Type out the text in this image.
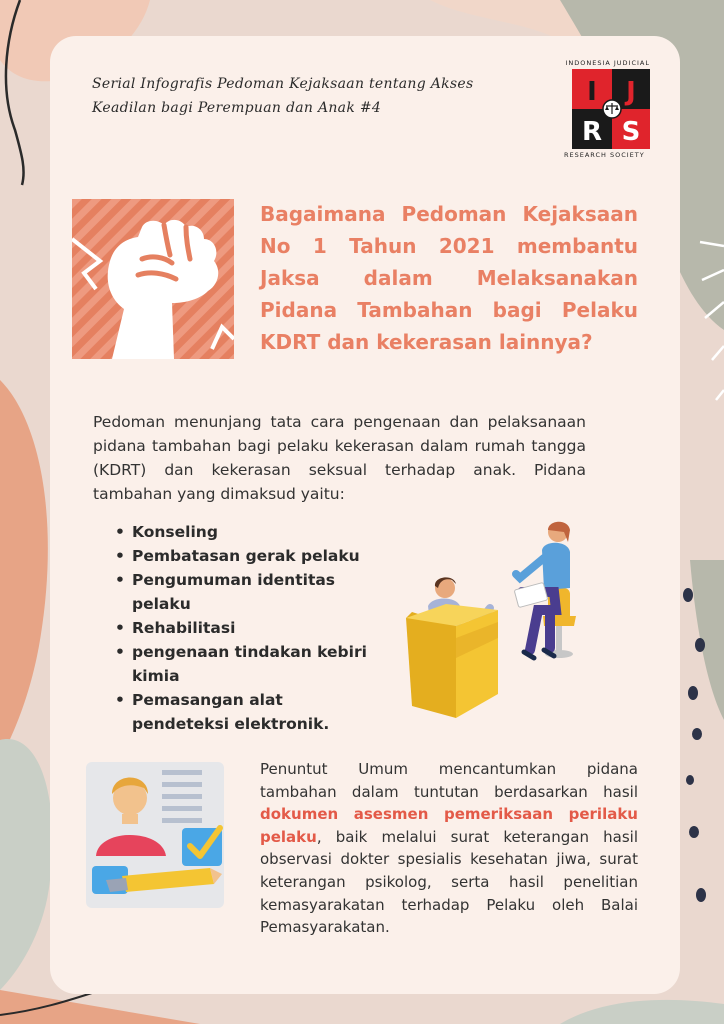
Serial Infografis Pedoman Kejaksaan tentang Akses
Keadilan bagi Perempuan dan Anak #4
INDONESIA JUDICIAL
I J
R S
RESEARCH SOCIETY
Bagaimana Pedoman Kejaksaan No 1 Tahun 2021 membantu Jaksa dalam Melaksanakan Pidana Tambahan bagi Pelaku KDRT dan kekerasan lainnya?
Pedoman menunjang tata cara pengenaan dan pelaksanaan pidana tambahan bagi pelaku kekerasan dalam rumah tangga (KDRT) dan kekerasan seksual terhadap anak. Pidana tambahan yang dimaksud yaitu:
• Konseling
• Pembatasan gerak pelaku
• Pengumuman identitas pelaku
• Rehabilitasi
• pengenaan tindakan kebiri kimia
• Pemasangan alat pendeteksi elektronik.
Penuntut Umum mencantumkan pidana tambahan dalam tuntutan berdasarkan hasil dokumen asesmen pemeriksaan perilaku pelaku, baik melalui surat keterangan hasil observasi dokter spesialis kesehatan jiwa, surat keterangan psikolog, serta hasil penelitian kemasyarakatan terhadap Pelaku oleh Balai Pemasyarakatan.
